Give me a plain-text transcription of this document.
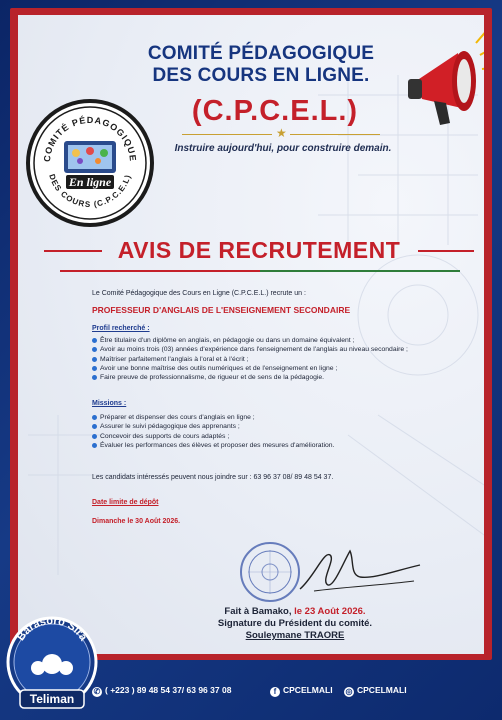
COMITÉ PÉDAGOGIQUE
DES COURS EN LIGNE.
(C.P.C.E.L.)
★
Instruire aujourd'hui, pour construire demain.
COMITÉ PÉDAGOGIQUE
DES COURS (C.P.C.E.L)
En ligne
AVIS DE RECRUTEMENT
Le Comité Pédagogique des Cours en Ligne (C.P.C.E.L.) recrute un :
PROFESSEUR D'ANGLAIS DE L'ENSEIGNEMENT SECONDAIRE
Profil recherché :
Être titulaire d'un diplôme en anglais, en pédagogie ou dans un domaine équivalent ;
Avoir au moins trois (03) années d'expérience dans l'enseignement de l'anglais au niveau secondaire ;
Maîtriser parfaitement l'anglais à l'oral et à l'écrit ;
Avoir une bonne maîtrise des outils numériques et de l'enseignement en ligne ;
Faire preuve de professionnalisme, de rigueur et de sens de la pédagogie.
Missions :
Préparer et dispenser des cours d'anglais en ligne ;
Assurer le suivi pédagogique des apprenants ;
Concevoir des supports de cours adaptés ;
Évaluer les performances des élèves et proposer des mesures d'amélioration.
Les candidats intéressés peuvent nous joindre sur : 63 96 37 08/ 89 48 54 37.
Date limite de dépôt
Dimanche le 30 Août 2026.
Fait à Bamako, le 23 Août 2026.
Signature du Président du comité.
Souleymane TRAORE
Barasoro Sira
Teliman
✆ ( +223 ) 89 48 54 37/ 63 96 37 08	f CPCELMALI ◎ CPCELMALI
